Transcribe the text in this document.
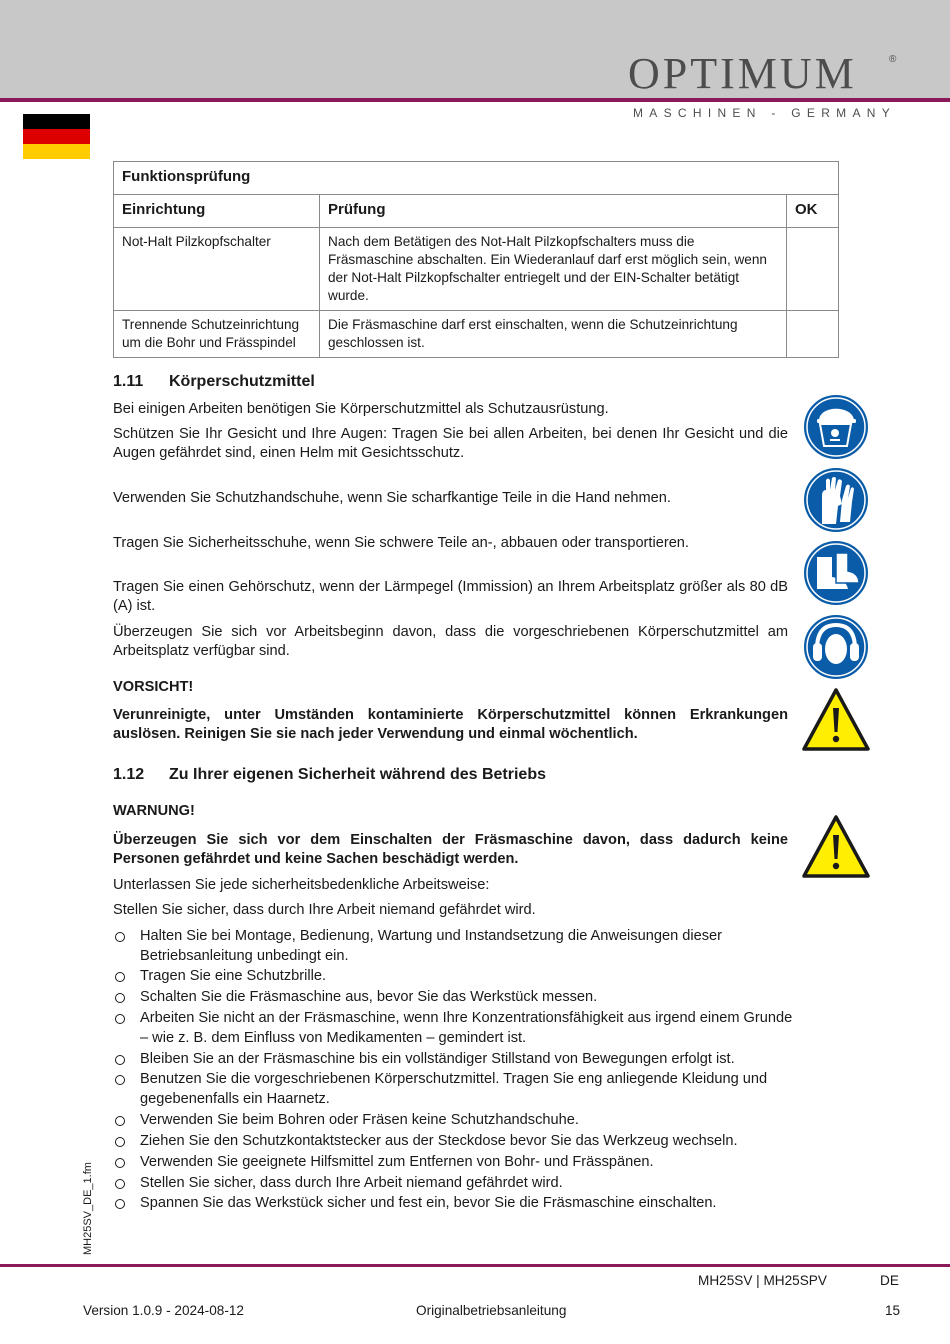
OPTIMUM	®
MASCHINEN - GERMANY
Funktionsprüfung		
Einrichtung	Prüfung	OK
Not-Halt Pilzkopfschalter	Nach dem Betätigen des Not-Halt Pilzkopfschalters muss die Fräsmaschine abschalten. Ein Wiederanlauf darf erst möglich sein, wenn der Not-Halt Pilzkopfschalter entriegelt und der EIN-Schalter betätigt wurde.	
Trennende Schutzeinrichtung um die Bohr und Frässpindel	Die Fräsmaschine darf erst einschalten, wenn die Schutzeinrichtung geschlossen ist.	
1.11 Körperschutzmittel
Bei einigen Arbeiten benötigen Sie Körperschutzmittel als Schutzausrüstung.
Schützen Sie Ihr Gesicht und Ihre Augen: Tragen Sie bei allen Arbeiten, bei denen Ihr Gesicht und die Augen gefährdet sind, einen Helm mit Gesichtsschutz.
Verwenden Sie Schutzhandschuhe, wenn Sie scharfkantige Teile in die Hand nehmen.
Tragen Sie Sicherheitsschuhe, wenn Sie schwere Teile an-, abbauen oder transportieren.
Tragen Sie einen Gehörschutz, wenn der Lärmpegel (Immission) an Ihrem Arbeitsplatz größer als 80 dB (A) ist.
Überzeugen Sie sich vor Arbeitsbeginn davon, dass die vorgeschriebenen Körperschutzmittel am Arbeitsplatz verfügbar sind.
VORSICHT!
Verunreinigte, unter Umständen kontaminierte Körperschutzmittel können Erkrankungen auslösen. Reinigen Sie sie nach jeder Verwendung und einmal wöchentlich.
1.12 Zu Ihrer eigenen Sicherheit während des Betriebs
WARNUNG!
Überzeugen Sie sich vor dem Einschalten der Fräsmaschine davon, dass dadurch keine Personen gefährdet und keine Sachen beschädigt werden.
Unterlassen Sie jede sicherheitsbedenkliche Arbeitsweise:
Stellen Sie sicher, dass durch Ihre Arbeit niemand gefährdet wird.
Halten Sie bei Montage, Bedienung, Wartung und Instandsetzung die Anweisungen dieser Betriebsanleitung unbedingt ein.
Tragen Sie eine Schutzbrille.
Schalten Sie die Fräsmaschine aus, bevor Sie das Werkstück messen.
Arbeiten Sie nicht an der Fräsmaschine, wenn Ihre Konzentrationsfähigkeit aus irgend einem Grunde – wie z. B. dem Einfluss von Medikamenten – gemindert ist.
Bleiben Sie an der Fräsmaschine bis ein vollständiger Stillstand von Bewegungen erfolgt ist.
Benutzen Sie die vorgeschriebenen Körperschutzmittel. Tragen Sie eng anliegende Kleidung und gegebenenfalls ein Haarnetz.
Verwenden Sie beim Bohren oder Fräsen keine Schutzhandschuhe.
Ziehen Sie den Schutzkontaktstecker aus der Steckdose bevor Sie das Werkzeug wechseln.
Verwenden Sie geeignete Hilfsmittel zum Entfernen von Bohr- und Frässpänen.
Stellen Sie sicher, dass durch Ihre Arbeit niemand gefährdet wird.
Spannen Sie das Werkstück sicher und fest ein, bevor Sie die Fräsmaschine einschalten.
MH25SV_DE_1.fm
MH25SV | MH25SPV	DE
Version 1.0.9 - 2024-08-12	Originalbetriebsanleitung	15
